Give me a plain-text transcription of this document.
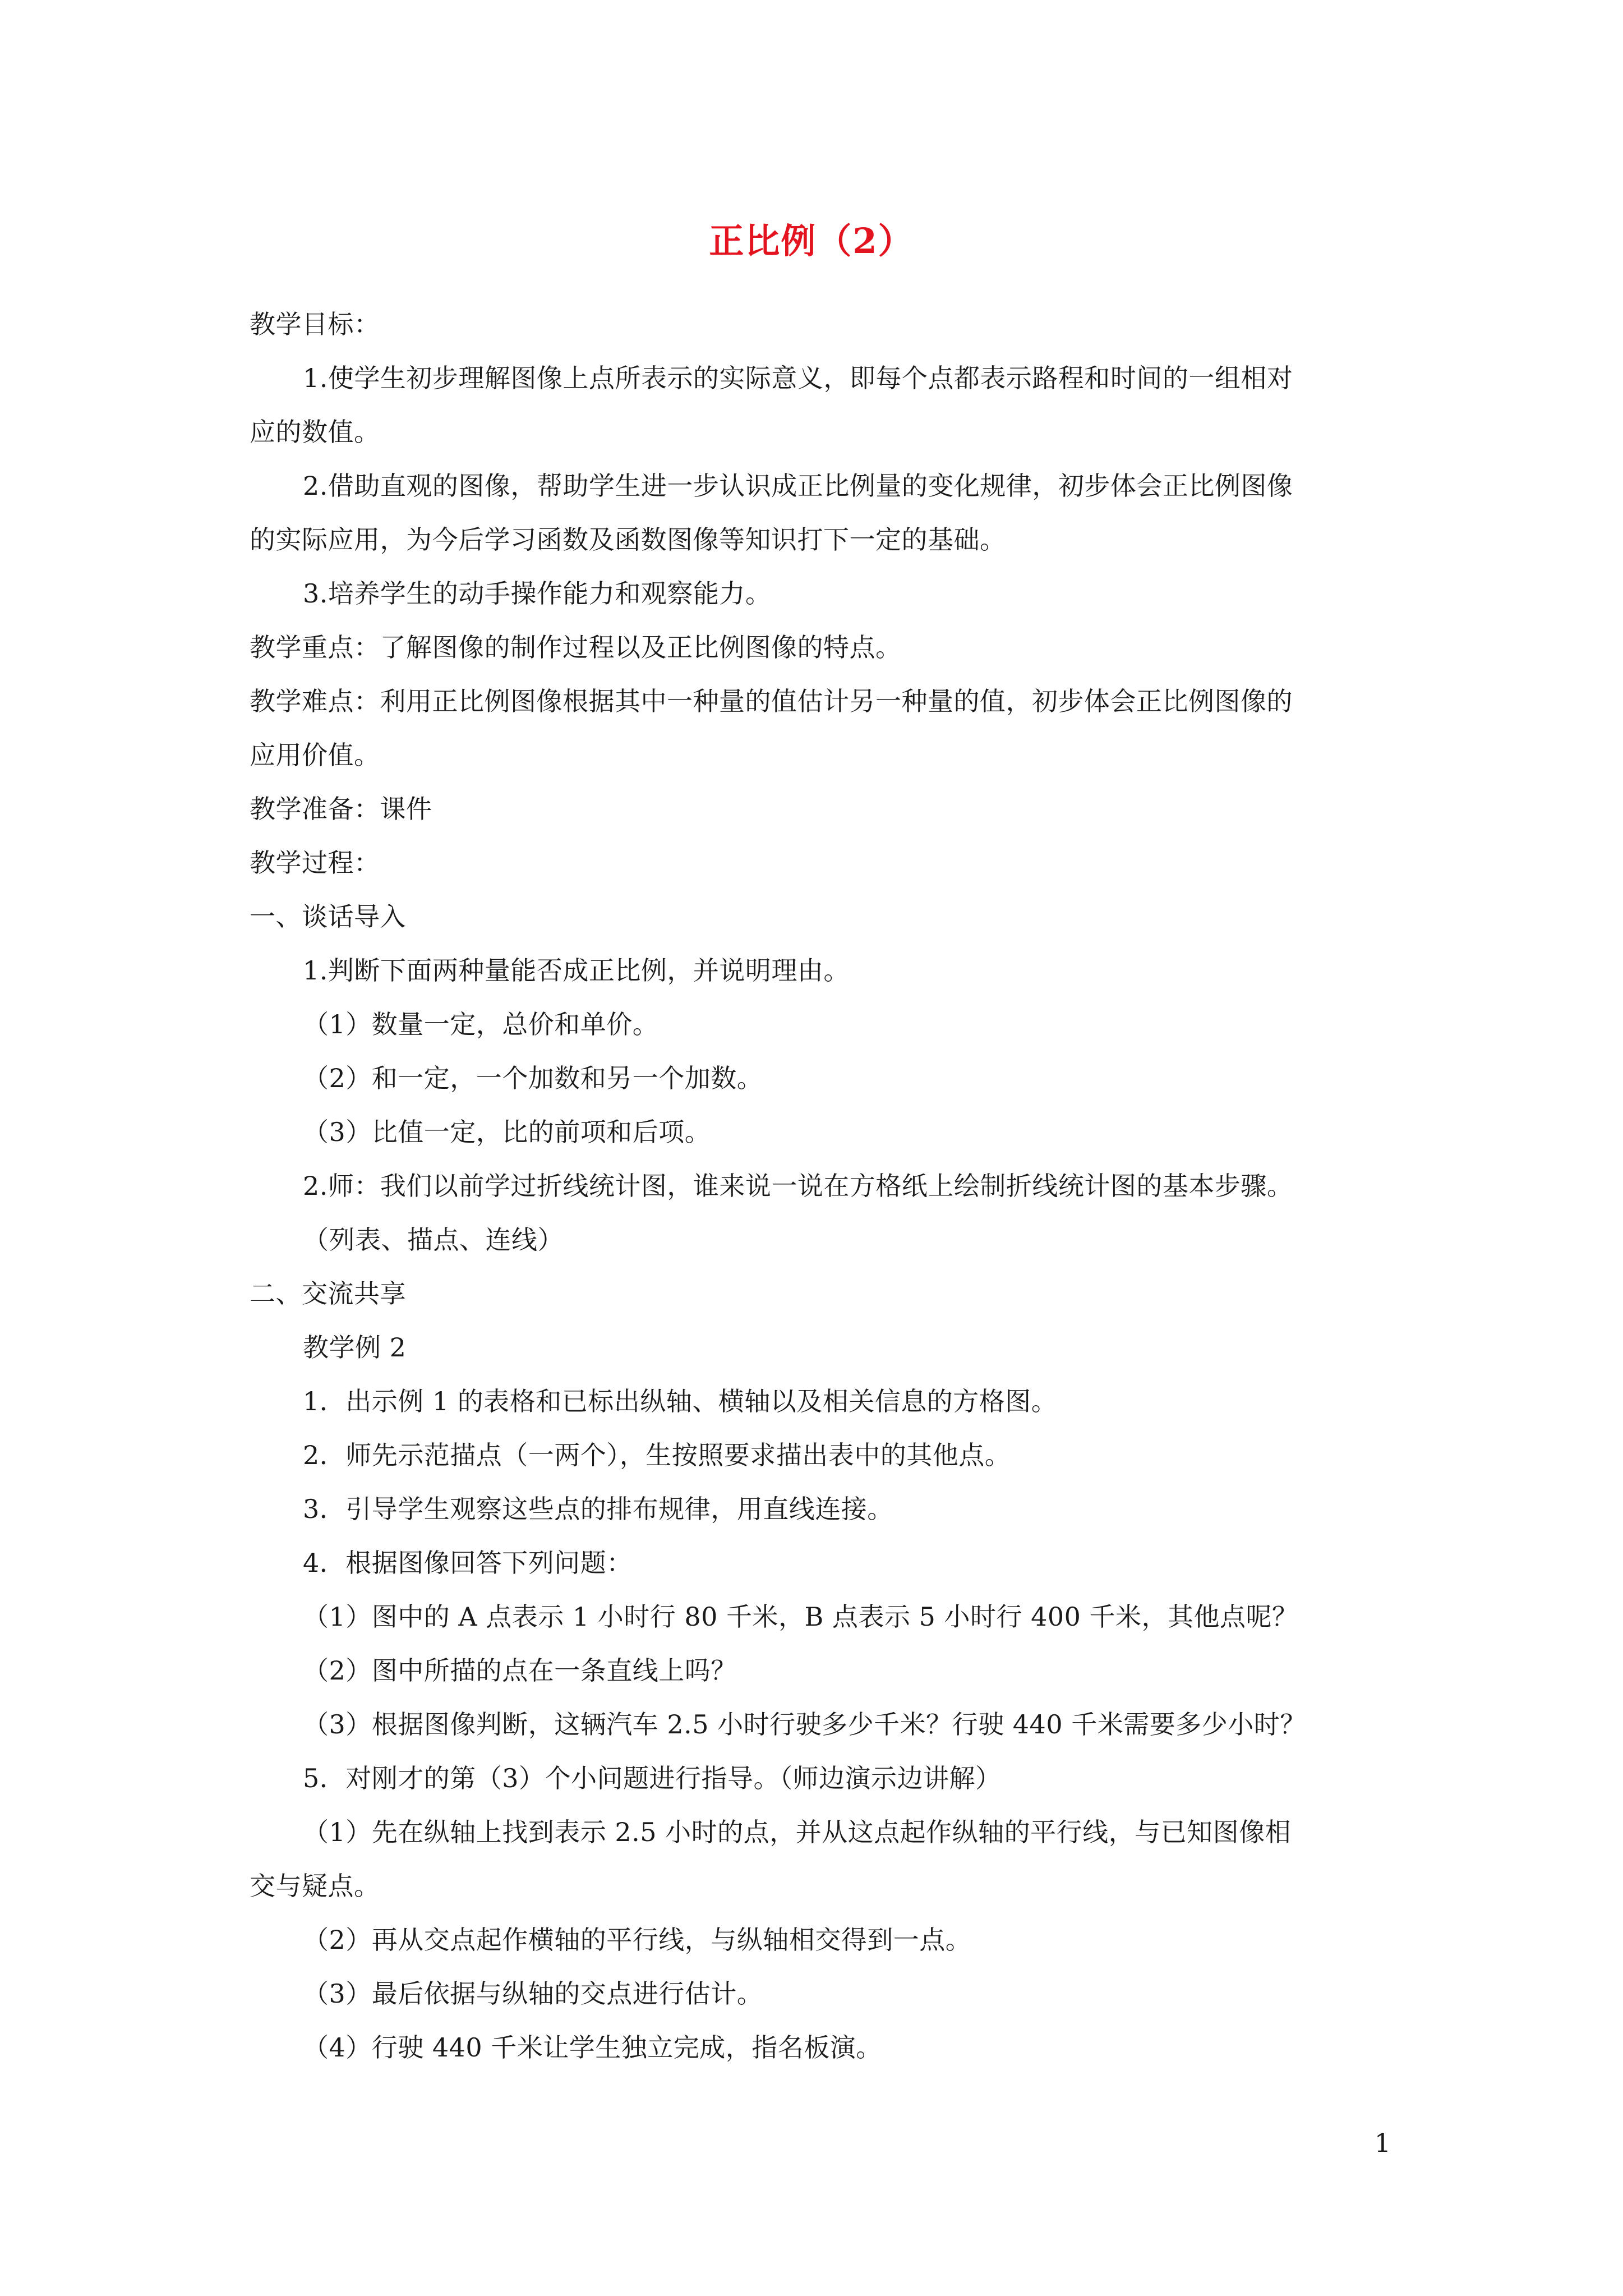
正比例（2）
教学目标：
1.使学生初步理解图像上点所表示的实际意义，即每个点都表示路程和时间的一组相对
应的数值。
2.借助直观的图像，帮助学生进一步认识成正比例量的变化规律，初步体会正比例图像
的实际应用，为今后学习函数及函数图像等知识打下一定的基础。
3.培养学生的动手操作能力和观察能力。
教学重点：了解图像的制作过程以及正比例图像的特点。
教学难点：利用正比例图像根据其中一种量的值估计另一种量的值，初步体会正比例图像的
应用价值。
教学准备：课件
教学过程：
一、谈话导入
1.判断下面两种量能否成正比例，并说明理由。
（1）数量一定，总价和单价。
（2）和一定，一个加数和另一个加数。
（3）比值一定，比的前项和后项。
2.师：我们以前学过折线统计图，谁来说一说在方格纸上绘制折线统计图的基本步骤。
（列表、描点、连线）
二、交流共享
教学例 2
1．出示例 1 的表格和已标出纵轴、横轴以及相关信息的方格图。
2．师先示范描点（一两个），生按照要求描出表中的其他点。
3．引导学生观察这些点的排布规律，用直线连接。
4．根据图像回答下列问题：
（1）图中的 A 点表示 1 小时行 80 千米，B 点表示 5 小时行 400 千米，其他点呢？
（2）图中所描的点在一条直线上吗？
（3）根据图像判断，这辆汽车 2.5 小时行驶多少千米？行驶 440 千米需要多少小时？
5．对刚才的第（3）个小问题进行指导。（师边演示边讲解）
（1）先在纵轴上找到表示 2.5 小时的点，并从这点起作纵轴的平行线，与已知图像相
交与疑点。
（2）再从交点起作横轴的平行线，与纵轴相交得到一点。
（3）最后依据与纵轴的交点进行估计。
（4）行驶 440 千米让学生独立完成，指名板演。
1
